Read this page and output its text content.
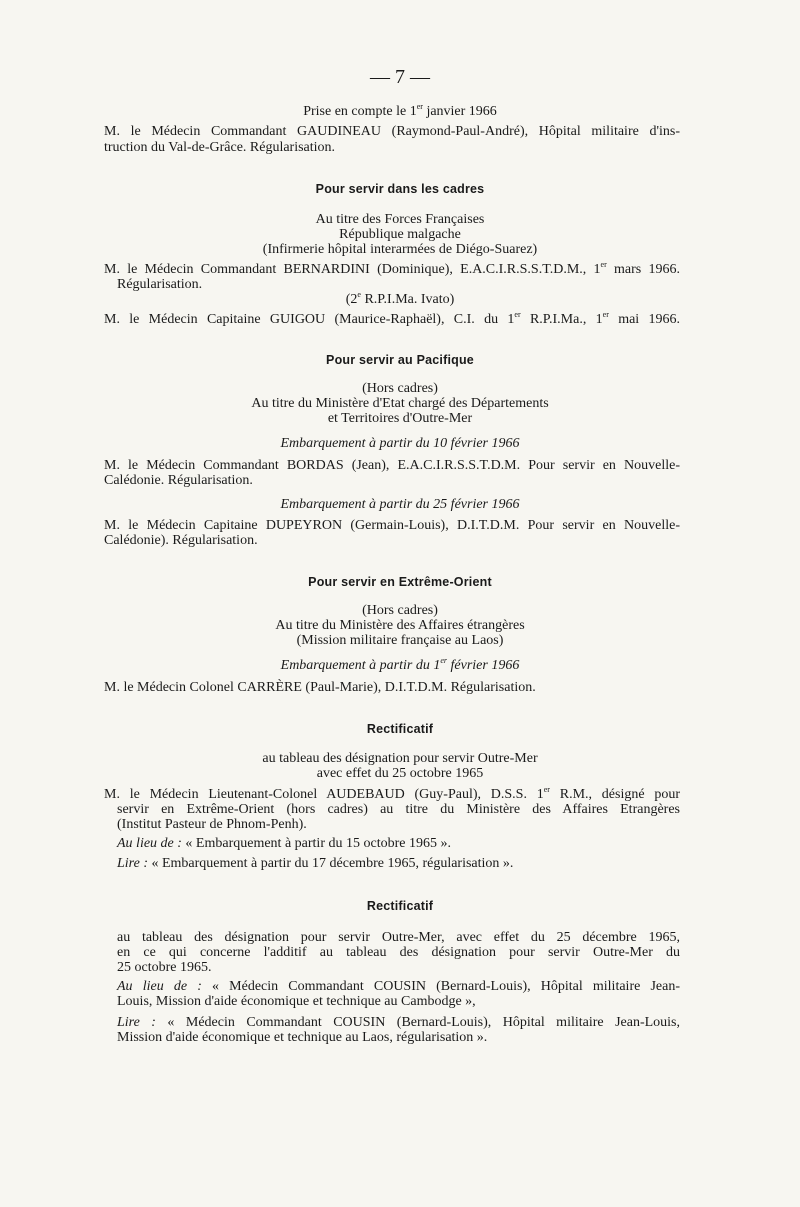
— 7 —
Prise en compte le 1er janvier 1966
M. le Médecin Commandant GAUDINEAU (Raymond-Paul-André), Hôpital militaire d'ins-
truction du Val-de-Grâce. Régularisation.
Pour servir dans les cadres
Au titre des Forces Françaises
République malgache
(Infirmerie hôpital interarmées de Diégo-Suarez)
M. le Médecin Commandant BERNARDINI (Dominique), E.A.C.I.R.S.S.T.D.M., 1er mars 1966.
Régularisation.
(2e R.P.I.Ma. Ivato)
M. le Médecin Capitaine GUIGOU (Maurice-Raphaël), C.I. du 1er R.P.I.Ma., 1er mai 1966.
Pour servir au Pacifique
(Hors cadres)
Au titre du Ministère d'Etat chargé des Départements
et Territoires d'Outre-Mer
Embarquement à partir du 10 février 1966
M. le Médecin Commandant BORDAS (Jean), E.A.C.I.R.S.S.T.D.M. Pour servir en Nouvelle-
Calédonie. Régularisation.
Embarquement à partir du 25 février 1966
M. le Médecin Capitaine DUPEYRON (Germain-Louis), D.I.T.D.M. Pour servir en Nouvelle-
Calédonie). Régularisation.
Pour servir en Extrême-Orient
(Hors cadres)
Au titre du Ministère des Affaires étrangères
(Mission militaire française au Laos)
Embarquement à partir du 1er février 1966
M. le Médecin Colonel CARRÈRE (Paul-Marie), D.I.T.D.M. Régularisation.
Rectificatif
au tableau des désignation pour servir Outre-Mer
avec effet du 25 octobre 1965
M. le Médecin Lieutenant-Colonel AUDEBAUD (Guy-Paul), D.S.S. 1er R.M., désigné pour
servir en Extrême-Orient (hors cadres) au titre du Ministère des Affaires Etrangères
(Institut Pasteur de Phnom-Penh).
Au lieu de : « Embarquement à partir du 15 octobre 1965 ».
Lire : « Embarquement à partir du 17 décembre 1965, régularisation ».
Rectificatif
au tableau des désignation pour servir Outre-Mer, avec effet du 25 décembre 1965,
en ce qui concerne l'additif au tableau des désignation pour servir Outre-Mer du
25 octobre 1965.
Au lieu de : « Médecin Commandant COUSIN (Bernard-Louis), Hôpital militaire Jean-
Louis, Mission d'aide économique et technique au Cambodge »,
Lire : « Médecin Commandant COUSIN (Bernard-Louis), Hôpital militaire Jean-Louis,
Mission d'aide économique et technique au Laos, régularisation ».
